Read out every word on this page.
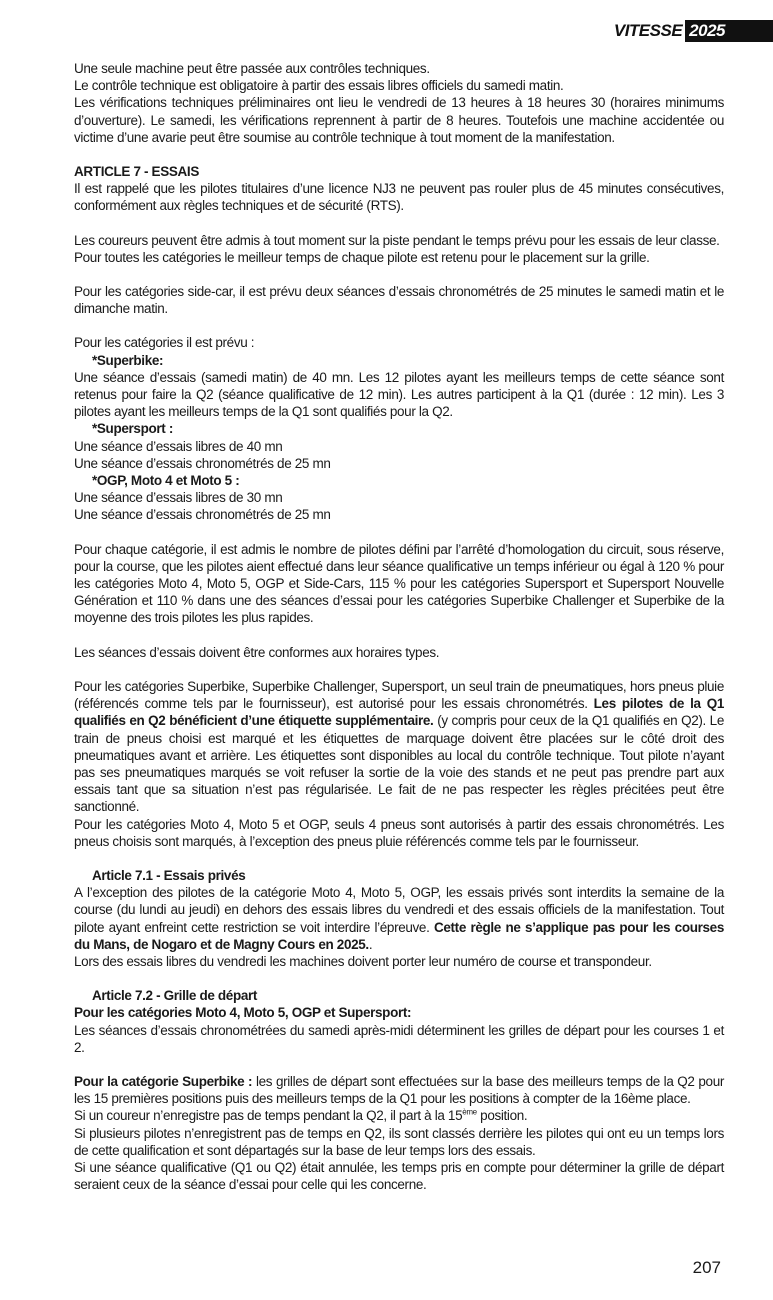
VITESSE 2025

Une seule machine peut être passée aux contrôles techniques.

Le contrôle technique est obligatoire à partir des essais libres officiels du samedi matin.

Les vérifications techniques préliminaires ont lieu le vendredi de 13 heures à 18 heures 30 (horaires minimums d’ouverture). Le samedi, les vérifications reprennent à partir de 8 heures. Toutefois une machine accidentée ou victime d’une avarie peut être soumise au contrôle technique à tout moment de la manifestation.

ARTICLE 7 - ESSAIS

Il est rappelé que les pilotes titulaires d’une licence NJ3 ne peuvent pas rouler plus de 45 minutes consécutives, conformément aux règles techniques et de sécurité (RTS).

Les coureurs peuvent être admis à tout moment sur la piste pendant le temps prévu pour les essais de leur classe.

Pour toutes les catégories le meilleur temps de chaque pilote est retenu pour le placement sur la grille.

Pour les catégories side-car, il est prévu deux séances d’essais chronométrés de 25 minutes le samedi matin et le dimanche matin.

Pour les catégories il est prévu :

*Superbike:

Une séance d’essais (samedi matin) de 40 mn. Les 12 pilotes ayant les meilleurs temps de cette séance sont retenus pour faire la Q2 (séance qualificative de 12 min). Les autres participent à la Q1 (durée : 12 min). Les 3 pilotes ayant les meilleurs temps de la Q1 sont qualifiés pour la Q2.

*Supersport :

Une séance d’essais libres de 40 mn

Une séance d’essais chronométrés de 25 mn

*OGP, Moto 4 et Moto 5 :

Une séance d’essais libres de 30 mn

Une séance d’essais chronométrés de 25 mn

Pour chaque catégorie, il est admis le nombre de pilotes défini par l’arrêté d’homologation du circuit, sous réserve, pour la course, que les pilotes aient effectué dans leur séance qualificative un temps inférieur ou égal à 120 % pour les catégories Moto 4, Moto 5, OGP et Side-Cars, 115 % pour les catégories Supersport et Supersport Nouvelle Génération et 110 % dans une des séances d’essai pour les catégories Superbike Challenger et Superbike de la moyenne des trois pilotes les plus rapides.

Les séances d’essais doivent être conformes aux horaires types.

Pour les catégories Superbike, Superbike Challenger, Supersport, un seul train de pneumatiques, hors pneus pluie (référencés comme tels par le fournisseur), est autorisé pour les essais chronométrés. Les pilotes de la Q1 qualifiés en Q2 bénéficient d’une étiquette supplémentaire. (y compris pour ceux de la Q1 qualifiés en Q2). Le train de pneus choisi est marqué et les étiquettes de marquage doivent être placées sur le côté droit des pneumatiques avant et arrière. Les étiquettes sont disponibles au local du contrôle technique. Tout pilote n’ayant pas ses pneumatiques marqués se voit refuser la sortie de la voie des stands et ne peut pas prendre part aux essais tant que sa situation n’est pas régularisée. Le fait de ne pas respecter les règles précitées peut être sanctionné.

Pour les catégories Moto 4, Moto 5 et OGP, seuls 4 pneus sont autorisés à partir des essais chronométrés. Les pneus choisis sont marqués, à l’exception des pneus pluie référencés comme tels par le fournisseur.

Article 7.1 - Essais privés

A l’exception des pilotes de la catégorie Moto 4, Moto 5, OGP, les essais privés sont interdits la semaine de la course (du lundi au jeudi) en dehors des essais libres du vendredi et des essais officiels de la manifestation. Tout pilote ayant enfreint cette restriction se voit interdire l’épreuve. Cette règle ne s’applique pas pour les courses du Mans, de Nogaro et de Magny Cours en 2025..

Lors des essais libres du vendredi les machines doivent porter leur numéro de course et transpondeur.

Article 7.2 - Grille de départ

Pour les catégories Moto 4, Moto 5, OGP et Supersport:

Les séances d’essais chronométrées du samedi après-midi déterminent les grilles de départ pour les courses 1 et 2.

Pour la catégorie Superbike : les grilles de départ sont effectuées sur la base des meilleurs temps de la Q2 pour les 15 premières positions puis des meilleurs temps de la Q1 pour les positions à compter de la 16ème place.

Si un coureur n’enregistre pas de temps pendant la Q2, il part à la 15ème position.

Si plusieurs pilotes n’enregistrent pas de temps en Q2, ils sont classés derrière les pilotes qui ont eu un temps lors de cette qualification et sont départagés sur la base de leur temps lors des essais.

Si une séance qualificative (Q1 ou Q2) était annulée, les temps pris en compte pour déterminer la grille de départ seraient ceux de la séance d’essai pour celle qui les concerne.

207
